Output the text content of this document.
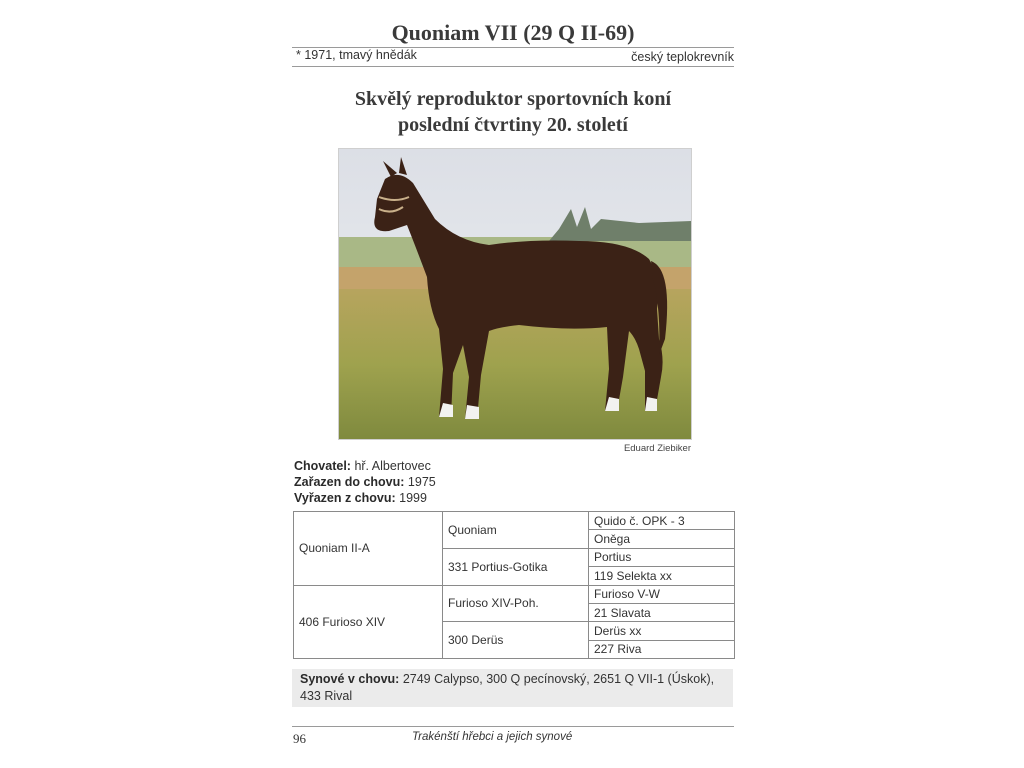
Quoniam VII (29 Q II-69)
* 1971, tmavý hnědák	český teplokrevník
Skvělý reproduktor sportovních koní
poslední čtvrtiny 20. století
Eduard Ziebiker
Chovatel: hř. Albertovec
Zařazen do chovu: 1975
Vyřazen z chovu: 1999
Quoniam II-A	Quoniam	Quido č. OPK - 3
		Oněga
	331 Portius-Gotika	Portius
		119 Selekta xx
406 Furioso XIV	Furioso XIV-Poh.	Furioso V-W
		21 Slavata
	300 Derüs	Derüs xx
		227 Riva
Synové v chovu: 2749 Calypso, 300 Q pecínovský, 2651 Q VII-1 (Úskok),
433 Rival
96	Trakénští hřebci a jejich synové
